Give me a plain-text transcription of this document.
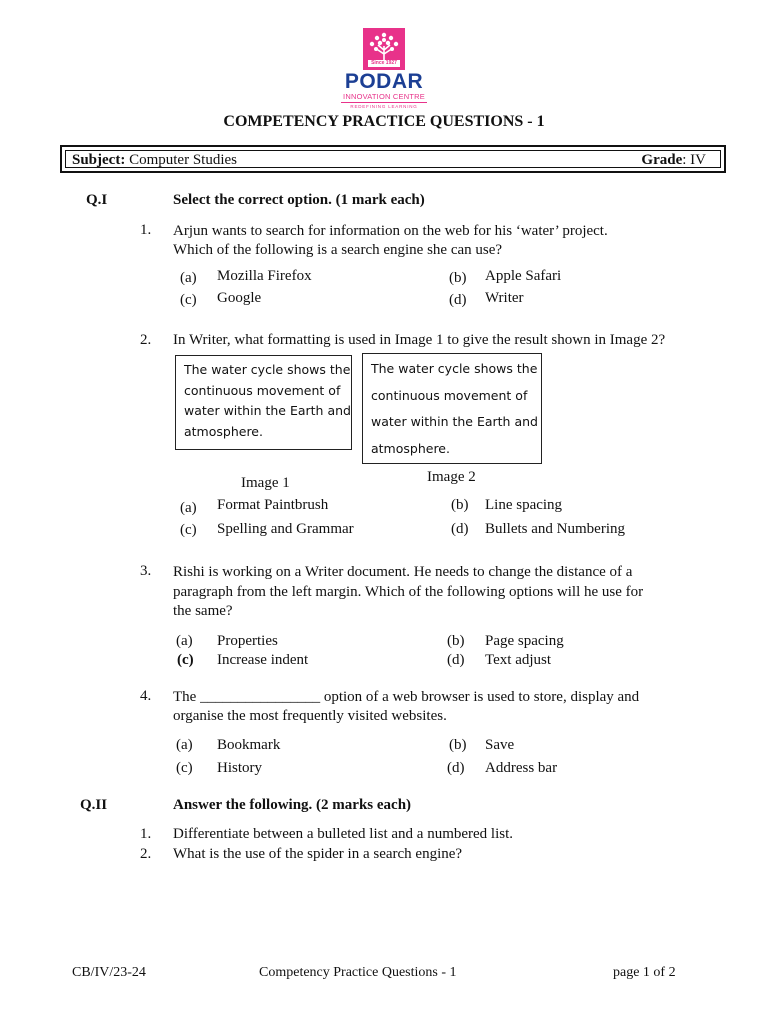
Since 1927
PODAR
INNOVATION CENTRE
REDEFINING LEARNING
COMPETENCY PRACTICE QUESTIONS - 1
Subject: Computer Studies	Grade: IV
Q.I	Select the correct option. (1 mark each)
1. Arjun wants to search for information on the web for his ‘water’ project.
Which of the following is a search engine she can use?
(a) Mozilla Firefox	(b) Apple Safari
(c) Google	(d) Writer
2. In Writer, what formatting is used in Image 1 to give the result shown in Image 2?
The water cycle shows the
continuous movement of
water within the Earth and
atmosphere.
The water cycle shows the
continuous movement of
water within the Earth and
atmosphere.
Image 1	Image 2
(a) Format Paintbrush	(b) Line spacing
(c) Spelling and Grammar	(d) Bullets and Numbering
3. Rishi is working on a Writer document. He needs to change the distance of a
paragraph from the left margin. Which of the following options will he use for
the same?
(a) Properties	(b) Page spacing
(c) Increase indent	(d) Text adjust
4. The ________________ option of a web browser is used to store, display and
organise the most frequently visited websites.
(a) Bookmark	(b) Save
(c) History	(d) Address bar
Q.II	Answer the following. (2 marks each)
1. Differentiate between a bulleted list and a numbered list.
2. What is the use of the spider in a search engine?
CB/IV/23-24	Competency Practice Questions - 1	page 1 of 2
